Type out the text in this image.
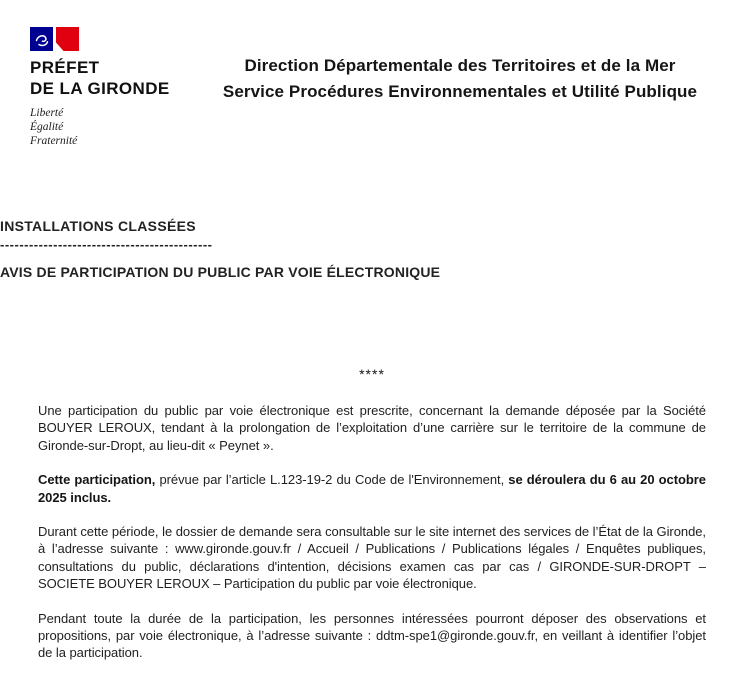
PRÉFET
DE LA GIRONDE
Liberté
Égalité
Fraternité
Direction Départementale des Territoires et de la Mer
Service Procédures Environnementales et Utilité Publique
INSTALLATIONS CLASSÉES
--------------------------------------------
AVIS DE PARTICIPATION DU PUBLIC PAR VOIE ÉLECTRONIQUE
****

Une participation du public par voie électronique est prescrite, concernant la demande déposée par la Société BOUYER LEROUX, tendant à la prolongation de l’exploitation d’une carrière sur le territoire de la commune de Gironde-sur-Dropt, au lieu-dit « Peynet ».

Cette participation, prévue par l’article L.123-19-2 du Code de l'Environnement, se déroulera du 6 au 20 octobre 2025 inclus.

Durant cette période, le dossier de demande sera consultable sur le site internet des services de l’État de la Gironde, à l’adresse suivante : www.gironde.gouv.fr / Accueil / Publications / Publications légales / Enquêtes publiques, consultations du public, déclarations d'intention, décisions examen cas par cas / GIRONDE-SUR-DROPT – SOCIETE BOUYER LEROUX – Participation du public par voie électronique.

Pendant toute la durée de la participation, les personnes intéressées pourront déposer des observations et propositions, par voie électronique, à l’adresse suivante : ddtm-spe1@gironde.gouv.fr, en veillant à identifier l’objet de la participation.
